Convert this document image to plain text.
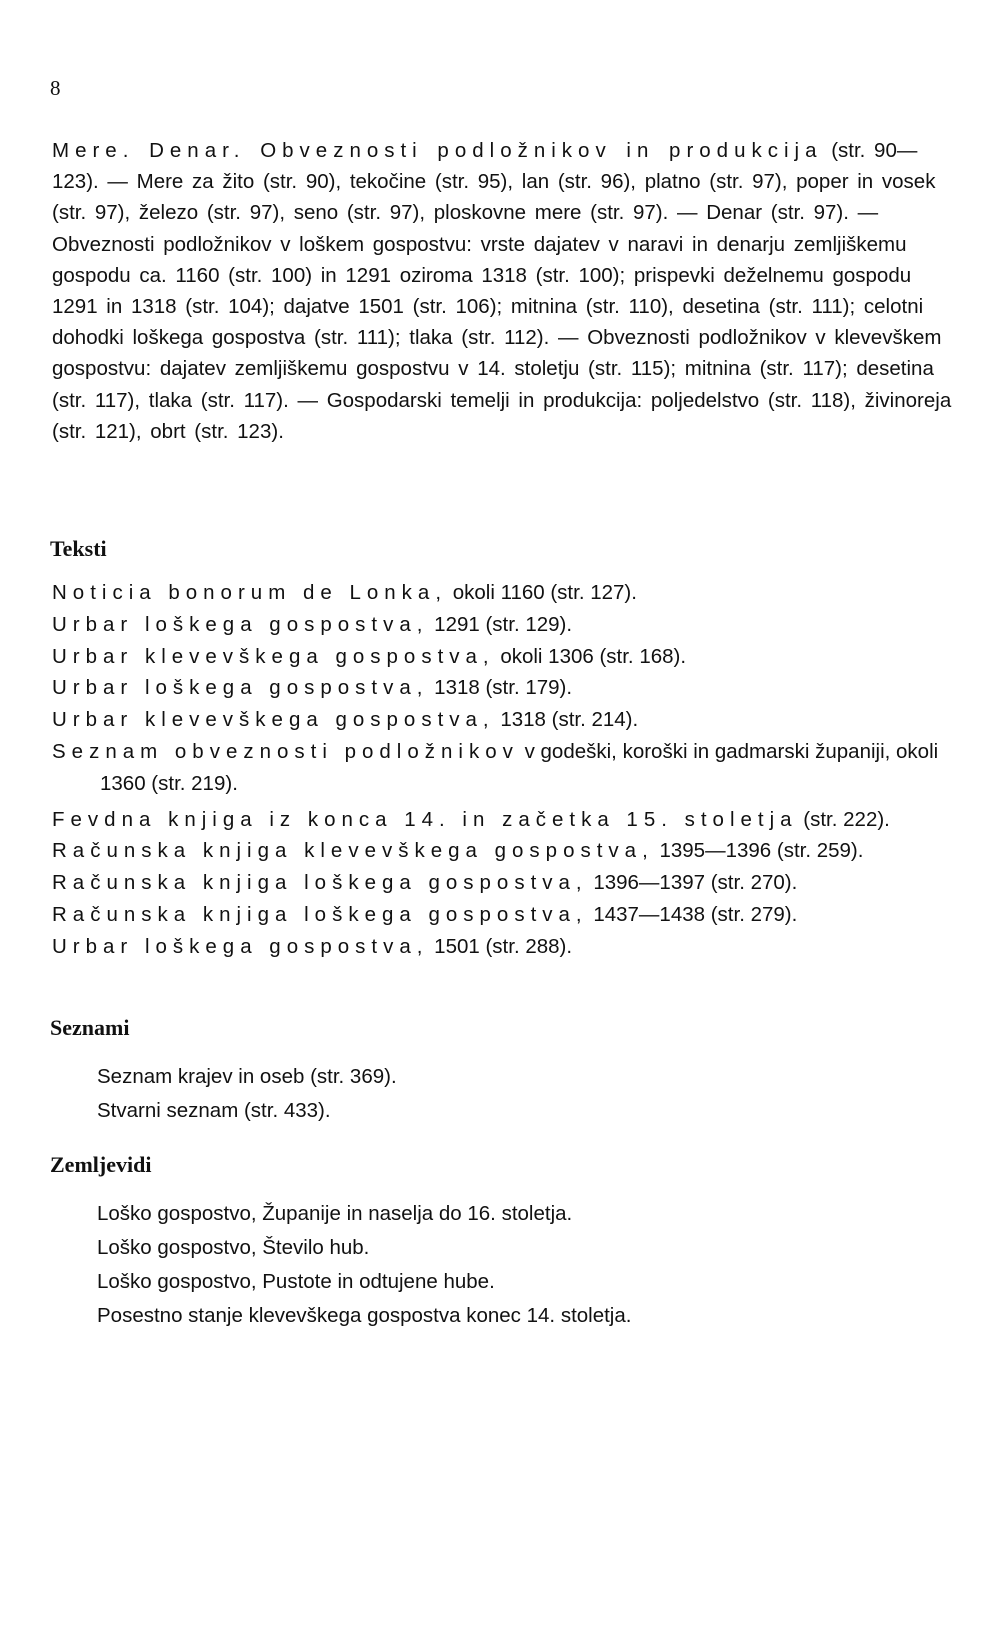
8
Mere. Denar. Obveznosti podložnikov in produkcija (str. 90—123). — Mere za žito (str. 90), tekočine (str. 95), lan (str. 96), platno (str. 97), poper in vosek (str. 97), železo (str. 97), seno (str. 97), ploskovne mere (str. 97). — Denar (str. 97). — Obveznosti podložnikov v loškem gospostvu: vrste dajatev v naravi in denarju zemljiškemu gospodu ca. 1160 (str. 100) in 1291 oziroma 1318 (str. 100); prispevki deželnemu gospodu 1291 in 1318 (str. 104); dajatve 1501 (str. 106); mitnina (str. 110), desetina (str. 111); celotni dohodki loškega gospostva (str. 111); tlaka (str. 112). — Obveznosti podložnikov v klevevškem gospostvu: dajatev zemljiškemu gospostvu v 14. stoletju (str. 115); mitnina (str. 117); desetina (str. 117), tlaka (str. 117). — Gospodarski temelji in produkcija: poljedelstvo (str. 118), živinoreja (str. 121), obrt (str. 123).
Teksti
Noticia bonorum de Lonka, okoli 1160 (str. 127).
Urbar loškega gospostva, 1291 (str. 129).
Urbar klevevškega gospostva, okoli 1306 (str. 168).
Urbar loškega gospostva, 1318 (str. 179).
Urbar klevevškega gospostva, 1318 (str. 214).
Seznam obveznosti podložnikov v godeški, koroški in gadmarski županiji, okoli 1360 (str. 219).
Fevdna knjiga iz konca 14. in začetka 15. stoletja (str. 222).
Računska knjiga klevevškega gospostva, 1395—1396 (str. 259).
Računska knjiga loškega gospostva, 1396—1397 (str. 270).
Računska knjiga loškega gospostva, 1437—1438 (str. 279).
Urbar loškega gospostva, 1501 (str. 288).
Seznami
Seznam krajev in oseb (str. 369).
Stvarni seznam (str. 433).
Zemljevidi
Loško gospostvo, Županije in naselja do 16. stoletja.
Loško gospostvo, Število hub.
Loško gospostvo, Pustote in odtujene hube.
Posestno stanje klevevškega gospostva konec 14. stoletja.
